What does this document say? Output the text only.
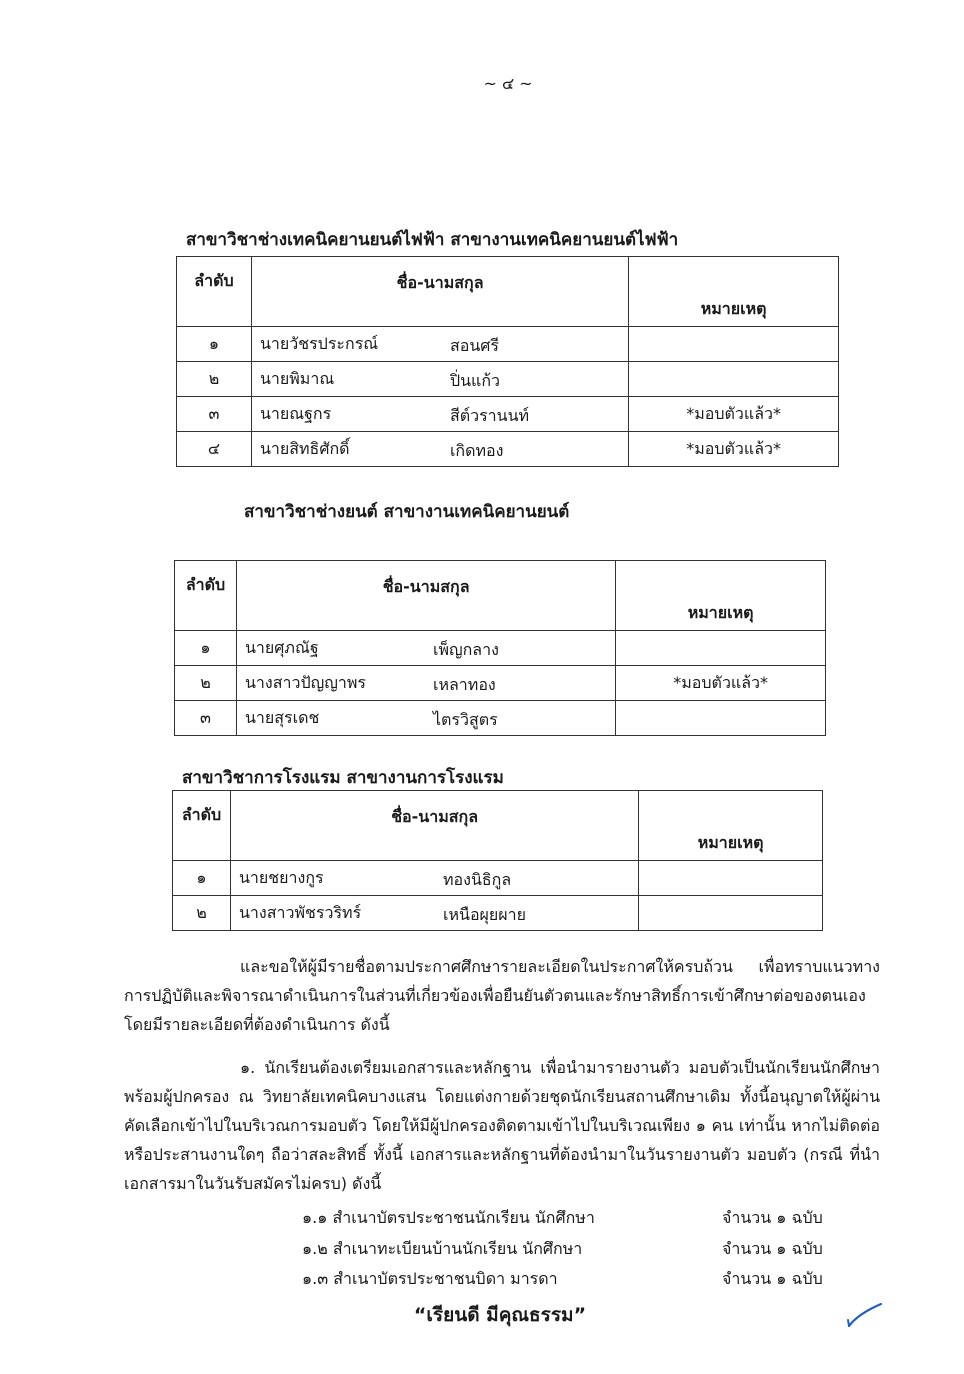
~ ๔ ~
สาขาวิชาช่างเทคนิคยานยนต์ไฟฟ้า สาขางานเทคนิคยานยนต์ไฟฟ้า
ลำดับ	ชื่อ-นามสกุล	หมายเหตุ
๑	นายวัชรประกรณ์ สอนศรี	

๒	นายพิมาณ ปิ่นแก้ว	

๓	นายณฐกร สีต์วรานนท์	*มอบตัวแล้ว*
๔	นายสิทธิศักดิ์ เกิดทอง	*มอบตัวแล้ว*
สาขาวิชาช่างยนต์ สาขางานเทคนิคยานยนต์
ลำดับ	ชื่อ-นามสกุล	หมายเหตุ
๑	นายศุภณัฐ เพ็ญกลาง	

๒	นางสาวปัญญาพร เหลาทอง	*มอบตัวแล้ว*
๓	นายสุรเดช ไตรวิสูตร	

สาขาวิชาการโรงแรม สาขางานการโรงแรม
ลำดับ	ชื่อ-นามสกุล	หมายเหตุ
๑	นายชยางกูร ทองนิธิกูล	

๒	นางสาวพัชรวริทร์ เหนือผุยผาย	

และขอให้ผู้มีรายชื่อตามประกาศศึกษารายละเอียดในประกาศให้ครบถ้วน เพื่อทราบแนวทางการปฏิบัติและพิจารณาดำเนินการในส่วนที่เกี่ยวข้องเพื่อยืนยันตัวตนและรักษาสิทธิ์การเข้าศึกษาต่อของตนเองโดยมีรายละเอียดที่ต้องดำเนินการ ดังนี้
๑. นักเรียนต้องเตรียมเอกสารและหลักฐาน เพื่อนำมารายงานตัว มอบตัวเป็นนักเรียนนักศึกษาพร้อมผู้ปกครอง ณ วิทยาลัยเทคนิคบางแสน โดยแต่งกายด้วยชุดนักเรียนสถานศึกษาเดิม ทั้งนี้อนุญาตให้ผู้ผ่านคัดเลือกเข้าไปในบริเวณการมอบตัว โดยให้มีผู้ปกครองติดตามเข้าไปในบริเวณเพียง ๑ คน เท่านั้น หากไม่ติดต่อหรือประสานงานใดๆ ถือว่าสละสิทธิ์ ทั้งนี้ เอกสารและหลักฐานที่ต้องนำมาในวันรายงานตัว มอบตัว (กรณี ที่นำเอกสารมาในวันรับสมัครไม่ครบ) ดังนี้
๑.๑ สำเนาบัตรประชาชนนักเรียน นักศึกษา	จำนวน ๑ ฉบับ
๑.๒ สำเนาทะเบียนบ้านนักเรียน นักศึกษา	จำนวน ๑ ฉบับ
๑.๓ สำเนาบัตรประชาชนบิดา มารดา	จำนวน ๑ ฉบับ
“เรียนดี มีคุณธรรม”
